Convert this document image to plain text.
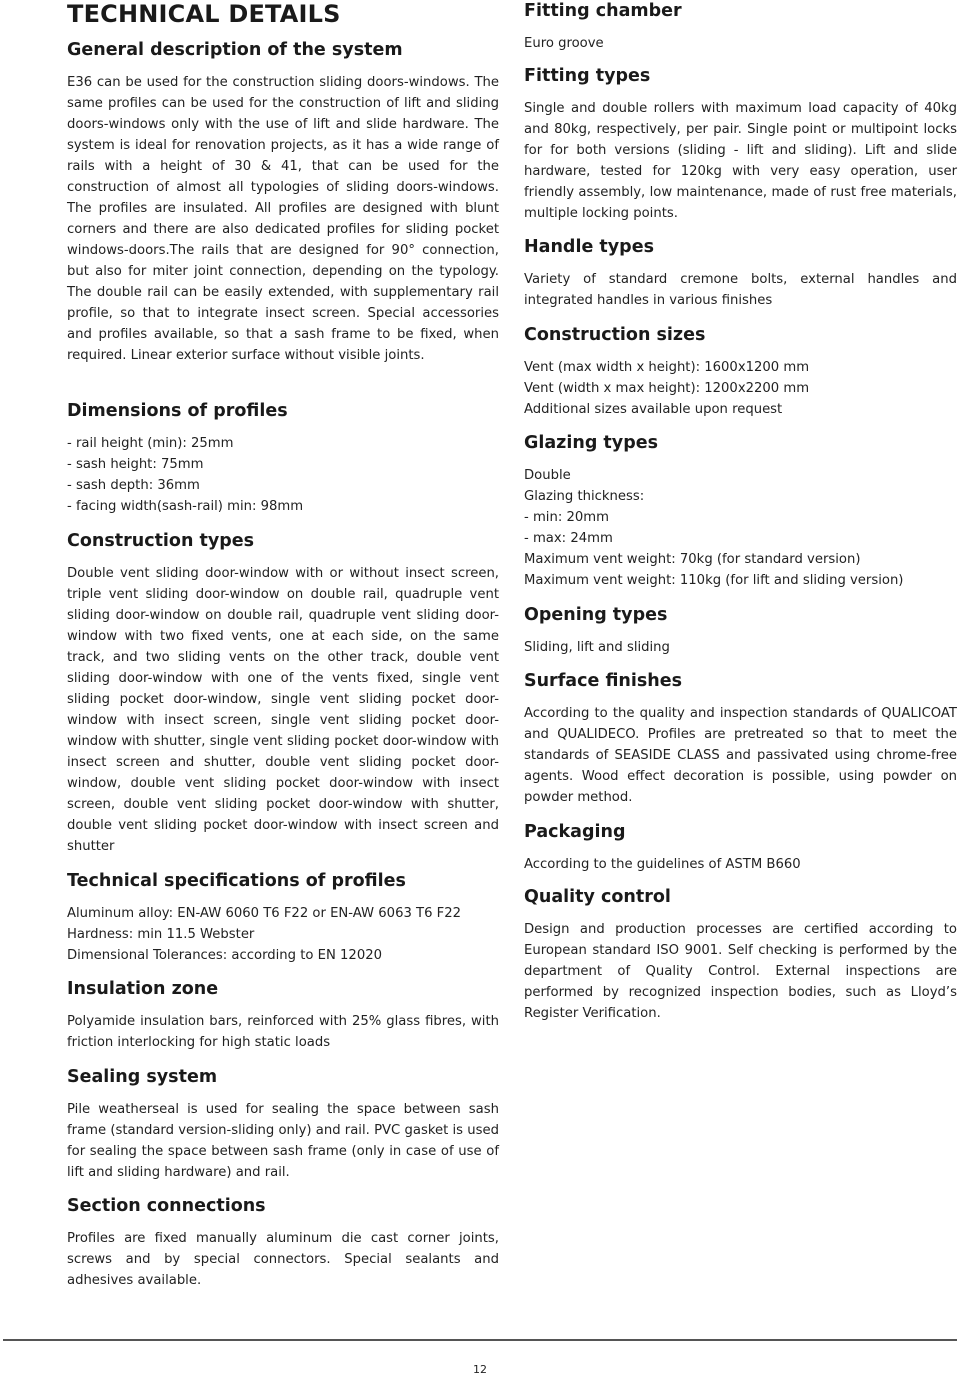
TECHNICAL DETAILS
General description of the system

E36 can be used for the construction sliding doors-windows. The same profiles can be used for the construction of lift and sliding doors-windows only with the use of lift and slide hardware. The system is ideal for renovation projects, as it has a wide range of rails with a height of 30 & 41, that can be used for the construction of almost all typologies of sliding doors-windows. The profiles are insulated. All profiles are designed with blunt corners and there are also dedicated profiles for sliding pocket windows-doors.The rails that are designed for 90° connection, but also for miter joint connection, depending on the typology. The double rail can be easily extended, with supplementary rail profile, so that to integrate insect screen. Special accessories and profiles available, so that a sash frame to be fixed, when required. Linear exterior surface without visible joints.

Dimensions of profiles
- rail height (min): 25mm
- sash height: 75mm
- sash depth: 36mm
- facing width(sash-rail) min: 98mm
Construction types

Double vent sliding door-window with or without insect screen, triple vent sliding door-window on double rail, quadruple vent sliding door-window on double rail, quadruple vent sliding door-window with two fixed vents, one at each side, on the same track, and two sliding vents on the other track, double vent sliding door-window with one of the vents fixed, single vent sliding pocket door-window, single vent sliding pocket door-window with insect screen, single vent sliding pocket door-window with shutter, single vent sliding pocket door-window with insect screen and shutter, double vent sliding pocket door-window, double vent sliding pocket door-window with insect screen, double vent sliding pocket door-window with shutter, double vent sliding pocket door-window with insect screen and shutter

Technical specifications of profiles
Aluminum alloy: EN-AW 6060 T6 F22 or EN-AW 6063 T6 F22
Hardness: min 11.5 Webster
Dimensional Tolerances: according to EN 12020
Insulation zone

Polyamide insulation bars, reinforced with 25% glass fibres, with friction interlocking for high static loads

Sealing system

Pile weatherseal is used for sealing the space between sash frame (standard version-sliding only) and rail. PVC gasket is used for sealing the space between sash frame (only in case of use of lift and sliding hardware) and rail.

Section connections

Profiles are fixed manually aluminum die cast corner joints, screws and by special connectors. Special sealants and adhesives available.

Fitting chamber

Euro groove

Fitting types

Single and double rollers with maximum load capacity of 40kg and 80kg, respectively, per pair. Single point or multipoint locks for for both versions (sliding - lift and sliding). Lift and slide hardware, tested for 120kg with very easy operation, user friendly assembly, low maintenance, made of rust free materials, multiple locking points.

Handle types

Variety of standard cremone bolts, external handles and integrated handles in various finishes

Construction sizes
Vent (max width x height): 1600x1200 mm
Vent (width x max height): 1200x2200 mm
Additional sizes available upon request
Glazing types
Double
Glazing thickness:
- min: 20mm
- max: 24mm
Maximum vent weight: 70kg (for standard version)
Maximum vent weight: 110kg (for lift and sliding version)
Opening types

Sliding, lift and sliding

Surface finishes

According to the quality and inspection standards of QUALICOAT and QUALIDECO. Profiles are pretreated so that to meet the standards of SEASIDE CLASS and passivated using chrome-free agents. Wood effect decoration is possible, using powder on powder method.

Packaging

According to the guidelines of ASTM B660

Quality control

Design and production processes are certified according to European standard ISO 9001. Self checking is performed by the department of Quality Control. External inspections are performed by recognized inspection bodies, such as Lloyd’s Register Verification.

12
